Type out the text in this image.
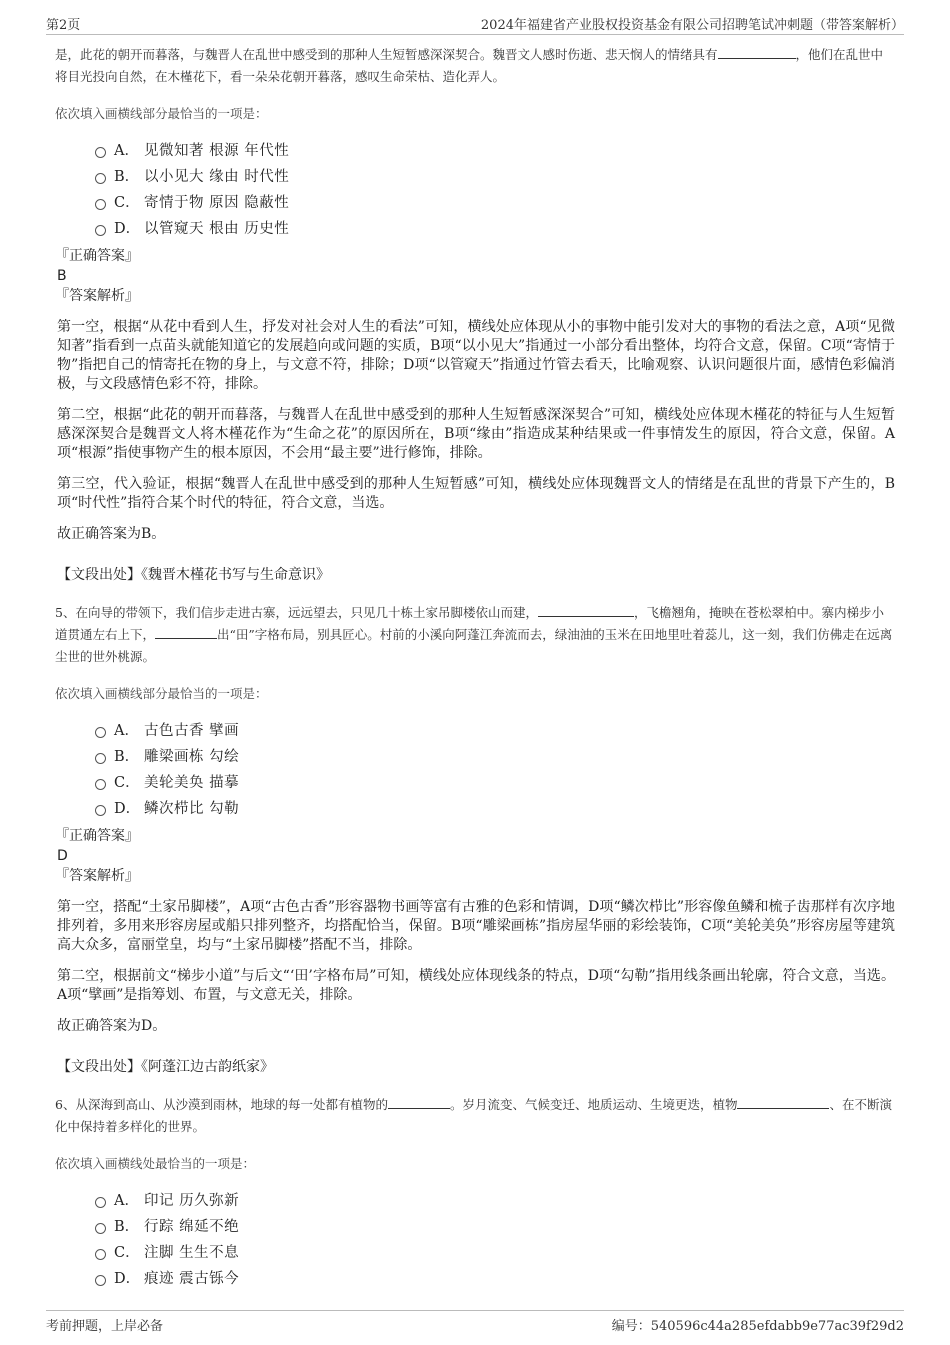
第2页	2024年福建省产业股权投资基金有限公司招聘笔试冲刺题（带答案解析）

是，此花的朝开而暮落，与魏晋人在乱世中感受到的那种人生短暂感深深契合。魏晋文人感时伤逝、悲天悯人的情绪具有	，他们在乱世中将目光投向自然，在木槿花下，看一朵朵花朝开暮落，感叹生命荣枯、造化弄人。

依次填入画横线部分最恰当的一项是：

A． 见微知著 根源 年代性
B． 以小见大 缘由 时代性
C． 寄情于物 原因 隐蔽性
D． 以管窥天 根由 历史性

『正确答案』

B

『答案解析』

第一空，根据“从花中看到人生，抒发对社会对人生的看法”可知，横线处应体现从小的事物中能引发对大的事物的看法之意，A项“见微知著”指看到一点苗头就能知道它的发展趋向或问题的实质，B项“以小见大”指通过一小部分看出整体，均符合文意，保留。C项“寄情于物”指把自己的情寄托在物的身上，与文意不符，排除；D项“以管窥天”指通过竹管去看天，比喻观察、认识问题很片面，感情色彩偏消极，与文段感情色彩不符，排除。

第二空，根据“此花的朝开而暮落，与魏晋人在乱世中感受到的那种人生短暂感深深契合”可知，横线处应体现木槿花的特征与人生短暂感深深契合是魏晋文人将木槿花作为“生命之花”的原因所在，B项“缘由”指造成某种结果或一件事情发生的原因，符合文意，保留。A项“根源”指使事物产生的根本原因，不会用“最主要”进行修饰，排除。

第三空，代入验证，根据“魏晋人在乱世中感受到的那种人生短暂感”可知，横线处应体现魏晋文人的情绪是在乱世的背景下产生的，B项“时代性”指符合某个时代的特征，符合文意，当选。

故正确答案为B。

【文段出处】《魏晋木槿花书写与生命意识》

5、在向导的带领下，我们信步走进古寨，远远望去，只见几十栋土家吊脚楼依山而建，	，飞檐翘角，掩映在苍松翠柏中。寨内梯步小道贯通左右上下，	出“田”字格布局，别具匠心。村前的小溪向阿蓬江奔流而去，绿油油的玉米在田地里吐着蕊儿，这一刻，我们仿佛走在远离尘世的世外桃源。

依次填入画横线部分最恰当的一项是：

A． 古色古香 擘画
B． 雕梁画栋 勾绘
C． 美轮美奂 描摹
D． 鳞次栉比 勾勒

『正确答案』

D

『答案解析』

第一空，搭配“土家吊脚楼”，A项“古色古香”形容器物书画等富有古雅的色彩和情调，D项“鳞次栉比”形容像鱼鳞和梳子齿那样有次序地排列着，多用来形容房屋或船只排列整齐，均搭配恰当，保留。B项“雕梁画栋”指房屋华丽的彩绘装饰，C项“美轮美奂”形容房屋等建筑高大众多，富丽堂皇，均与“土家吊脚楼”搭配不当，排除。

第二空，根据前文“梯步小道”与后文“‘田’字格布局”可知，横线处应体现线条的特点，D项“勾勒”指用线条画出轮廓，符合文意，当选。A项“擘画”是指筹划、布置，与文意无关，排除。

故正确答案为D。

【文段出处】《阿蓬江边古韵纸家》

6、从深海到高山、从沙漠到雨林，地球的每一处都有植物的	。岁月流变、气候变迁、地质运动、生境更迭，植物	、在不断演化中保持着多样化的世界。

依次填入画横线处最恰当的一项是：

A． 印记 历久弥新
B． 行踪 绵延不绝
C． 注脚 生生不息
D． 痕迹 震古铄今
考前押题，上岸必备	编号：540596c44a285efdabb9e77ac39f29d2
